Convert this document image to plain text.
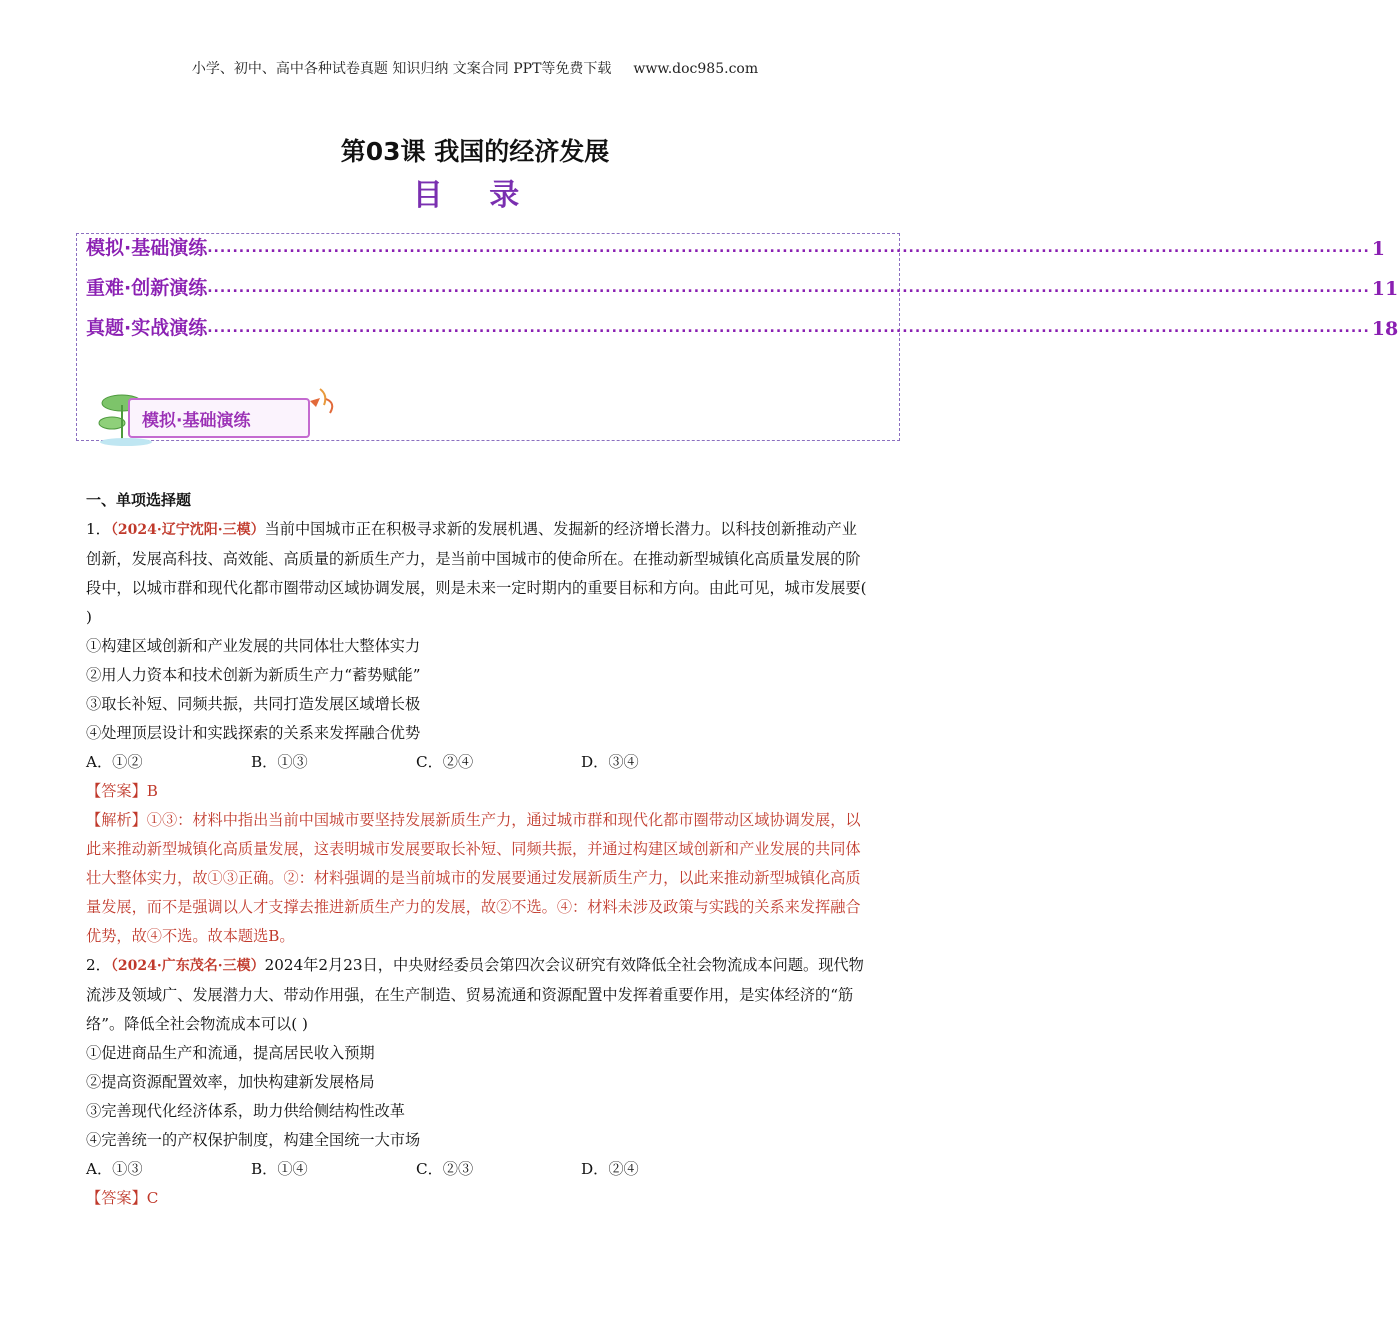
小学、初中、高中各种试卷真题 知识归纳 文案合同 PPT等免费下载 www.doc985.com
第03课 我国的经济发展
目 录
模拟·基础演练 ........................................................................................................................................................................................ 1
重难·创新演练 ........................................................................................................................................................................................ 11
真题·实战演练 ........................................................................................................................................................................................ 18
模拟·基础演练

一、单项选择题

1．（2024·辽宁沈阳·三模）当前中国城市正在积极寻求新的发展机遇、发掘新的经济增长潜力。以科技创新推动产业创新，发展高科技、高效能、高质量的新质生产力，是当前中国城市的使命所在。在推动新型城镇化高质量发展的阶段中，以城市群和现代化都市圈带动区域协调发展，则是未来一定时期内的重要目标和方向。由此可见，城市发展要( )

①构建区域创新和产业发展的共同体壮大整体实力

②用人力资本和技术创新为新质生产力“蓄势赋能”

③取长补短、同频共振，共同打造发展区域增长极

④处理顶层设计和实践探索的关系来发挥融合优势

A．①②	B．①③	C．②④	D．③④

【答案】B

【解析】①③：材料中指出当前中国城市要坚持发展新质生产力，通过城市群和现代化都市圈带动区域协调发展，以此来推动新型城镇化高质量发展，这表明城市发展要取长补短、同频共振，并通过构建区域创新和产业发展的共同体壮大整体实力，故①③正确。②：材料强调的是当前城市的发展要通过发展新质生产力，以此来推动新型城镇化高质量发展，而不是强调以人才支撑去推进新质生产力的发展，故②不选。④：材料未涉及政策与实践的关系来发挥融合优势，故④不选。故本题选B。

2．（2024·广东茂名·三模）2024年2月23日，中央财经委员会第四次会议研究有效降低全社会物流成本问题。现代物流涉及领域广、发展潜力大、带动作用强，在生产制造、贸易流通和资源配置中发挥着重要作用，是实体经济的“筋络”。降低全社会物流成本可以( )

①促进商品生产和流通，提高居民收入预期

②提高资源配置效率，加快构建新发展格局

③完善现代化经济体系，助力供给侧结构性改革

④完善统一的产权保护制度，构建全国统一大市场

A．①③	B．①④	C．②③	D．②④

【答案】C
